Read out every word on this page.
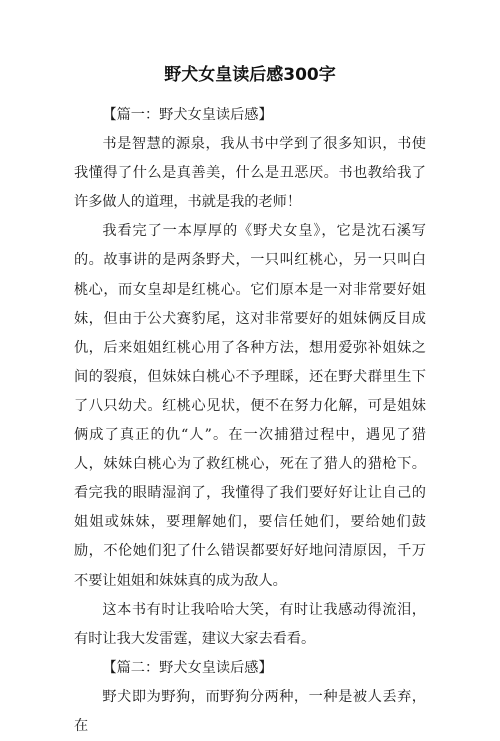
野犬女皇读后感300字

【篇一：野犬女皇读后感】

书是智慧的源泉，我从书中学到了很多知识，书使我懂得了什么是真善美，什么是丑恶厌。书也教给我了许多做人的道理，书就是我的老师！

我看完了一本厚厚的《野犬女皇》，它是沈石溪写的。故事讲的是两条野犬，一只叫红桃心，另一只叫白桃心，而女皇却是红桃心。它们原本是一对非常要好姐妹，但由于公犬赛豹尾，这对非常要好的姐妹俩反目成仇，后来姐姐红桃心用了各种方法，想用爱弥补姐妹之间的裂痕，但妹妹白桃心不予理睬，还在野犬群里生下了八只幼犬。红桃心见状，便不在努力化解，可是姐妹俩成了真正的仇“人”。在一次捕猎过程中，遇见了猎人，妹妹白桃心为了救红桃心，死在了猎人的猎枪下。看完我的眼睛湿润了，我懂得了我们要好好让让自己的姐姐或妹妹，要理解她们，要信任她们，要给她们鼓励，不伦她们犯了什么错误都要好好地问清原因，千万不要让姐姐和妹妹真的成为敌人。

这本书有时让我哈哈大笑，有时让我感动得流泪，有时让我大发雷霆，建议大家去看看。

【篇二：野犬女皇读后感】

野犬即为野狗，而野狗分两种，一种是被人丢弃，在
